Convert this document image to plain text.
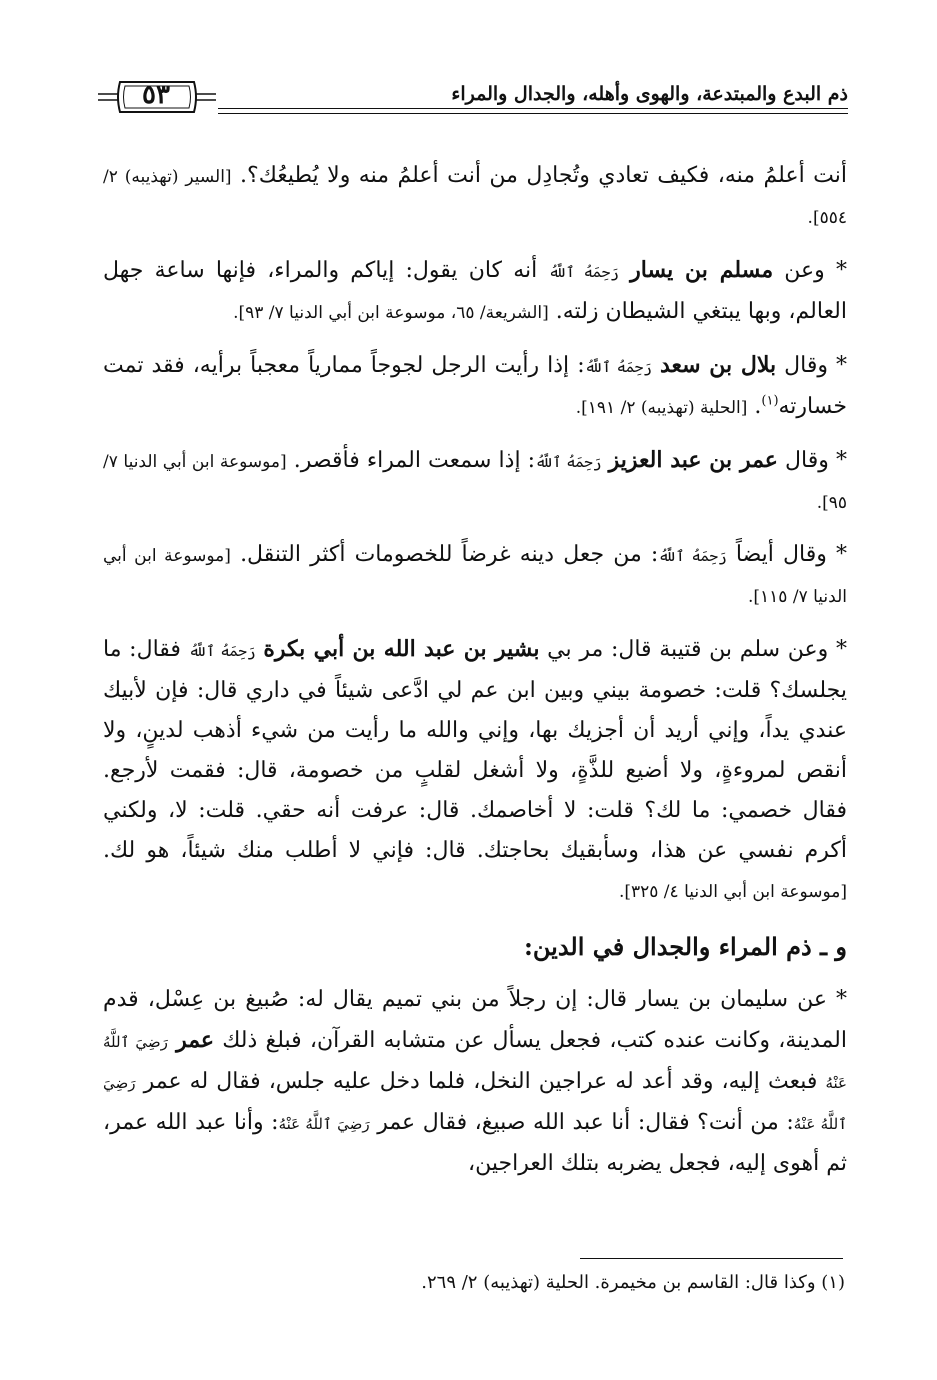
٥٣	ذم البدع والمبتدعة، والهوى وأهله، والجدال والمراء

أنت أعلمُ منه، فكيف تعادي وتُجادِل من أنت أعلمُ منه ولا يُطيعُك؟. [السير (تهذيبه) ٢/ ٥٥٤].

* وعن مسلم بن يسار رَحِمَهُ ٱللَّهُ أنه كان يقول: إياكم والمراء، فإنها ساعة جهل العالم، وبها يبتغي الشيطان زلته. [الشريعة/ ٦٥، موسوعة ابن أبي الدنيا ٧/ ٩٣].

* وقال بلال بن سعد رَحِمَهُ ٱللَّهُ: إذا رأيت الرجل لجوجاً ممارياً معجباً برأيه، فقد تمت خسارته$^{(١)}$. [الحلية (تهذيبه) ٢/ ١٩١].

* وقال عمر بن عبد العزيز رَحِمَهُ ٱللَّهُ: إذا سمعت المراء فأقصر. [موسوعة ابن أبي الدنيا ٧/ ٩٥].

* وقال أيضاً رَحِمَهُ ٱللَّهُ: من جعل دينه غرضاً للخصومات أكثر التنقل. [موسوعة ابن أبي الدنيا ٧/ ١١٥].

* وعن سلم بن قتيبة قال: مر بي بشير بن عبد الله بن أبي بكرة رَحِمَهُ ٱللَّهُ فقال: ما يجلسك؟ قلت: خصومة بيني وبين ابن عم لي ادَّعى شيئاً في داري قال: فإن لأبيك عندي يداً، وإني أريد أن أجزيك بها، وإني والله ما رأيت من شيء أذهب لدينٍ، ولا أنقص لمروءةٍ، ولا أضيع للذَّةٍ، ولا أشغل لقلبٍ من خصومة، قال: فقمت لأرجع. فقال خصمي: ما لك؟ قلت: لا أخاصمك. قال: عرفت أنه حقي. قلت: لا، ولكني أكرم نفسي عن هذا، وسأبقيك بحاجتك. قال: فإني لا أطلب منك شيئاً، هو لك. [موسوعة ابن أبي الدنيا ٤/ ٣٢٥].

و ـ ذم المراء والجدال في الدين:

* عن سليمان بن يسار قال: إن رجلاً من بني تميم يقال له: صُبيغ بن عِسْل، قدم المدينة، وكانت عنده كتب، فجعل يسأل عن متشابه القرآن، فبلغ ذلك عمر رَضِيَ ٱللَّهُ عَنْهُ فبعث إليه، وقد أعد له عراجين النخل، فلما دخل عليه جلس، فقال له عمر رَضِيَ ٱللَّهُ عَنْهُ: من أنت؟ فقال: أنا عبد الله صبيغ، فقال عمر رَضِيَ ٱللَّهُ عَنْهُ: وأنا عبد الله عمر، ثم أهوى إليه، فجعل يضربه بتلك العراجين،

(١) وكذا قال: القاسم بن مخيمرة. الحلية (تهذيبه) ٢/ ٢٦٩.
